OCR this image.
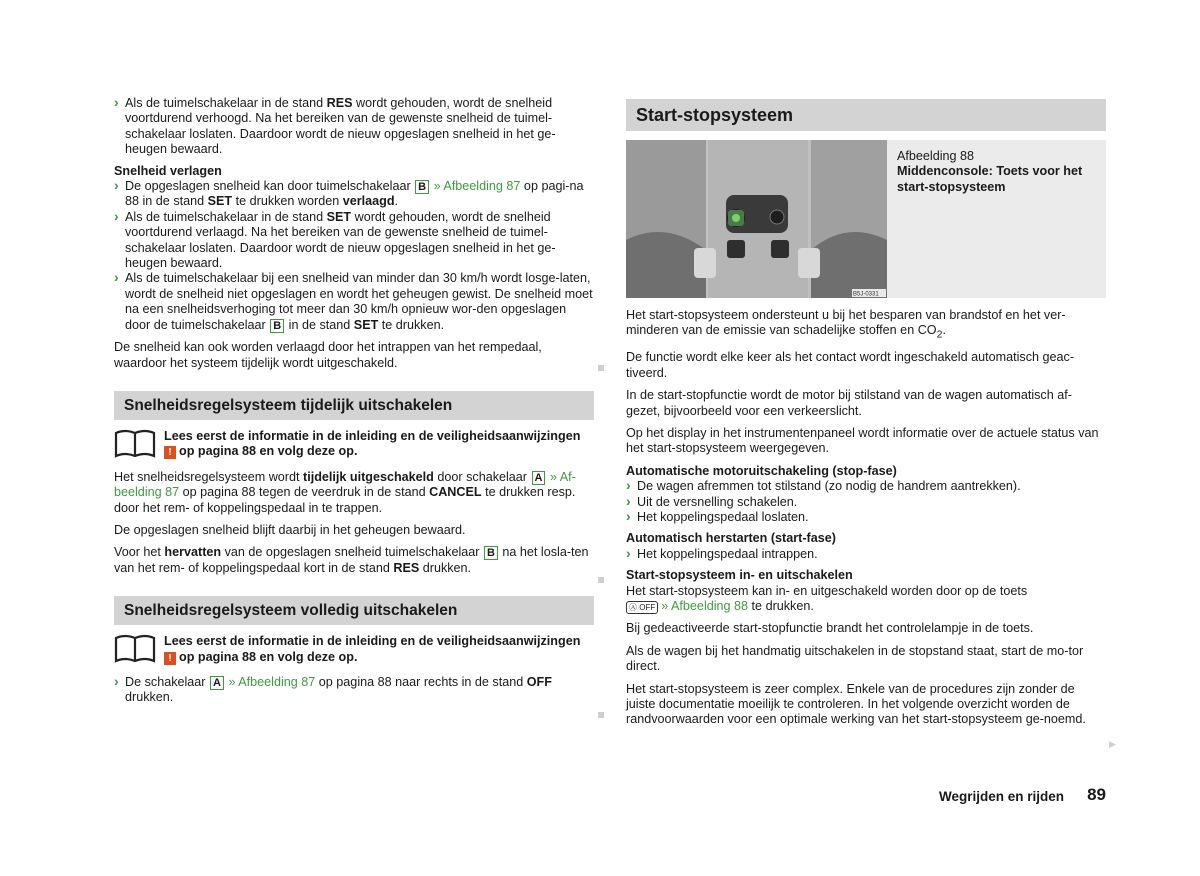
› Als de tuimelschakelaar in de stand RES wordt gehouden, wordt de snelheid voortdurend verhoogd. Na het bereiken van de gewenste snelheid de tuimel-schakelaar loslaten. Daardoor wordt de nieuw opgeslagen snelheid in het ge-heugen bewaard.
Snelheid verlagen
› De opgeslagen snelheid kan door tuimelschakelaar B » Afbeelding 87 op pagi-na 88 in de stand SET te drukken worden verlaagd.
› Als de tuimelschakelaar in de stand SET wordt gehouden, wordt de snelheid voortdurend verlaagd. Na het bereiken van de gewenste snelheid de tuimel-schakelaar loslaten. Daardoor wordt de nieuw opgeslagen snelheid in het ge-heugen bewaard.
› Als de tuimelschakelaar bij een snelheid van minder dan 30 km/h wordt losge-laten, wordt de snelheid niet opgeslagen en wordt het geheugen gewist. De snelheid moet na een snelheidsverhoging tot meer dan 30 km/h opnieuw wor-den opgeslagen door de tuimelschakelaar B in de stand SET te drukken.

De snelheid kan ook worden verlaagd door het intrappen van het rempedaal, waardoor het systeem tijdelijk wordt uitgeschakeld.

Snelheidsregelsysteem tijdelijk uitschakelen
Lees eerst de informatie in de inleiding en de veiligheidsaanwijzingen
! op pagina 88 en volg deze op.

Het snelheidsregelsysteem wordt tijdelijk uitgeschakeld door schakelaar A » Af-beelding 87 op pagina 88 tegen de veerdruk in de stand CANCEL te drukken resp. door het rem- of koppelingspedaal in te trappen.

De opgeslagen snelheid blijft daarbij in het geheugen bewaard.

Voor het hervatten van de opgeslagen snelheid tuimelschakelaar B na het losla-ten van het rem- of koppelingspedaal kort in de stand RES drukken.

Snelheidsregelsysteem volledig uitschakelen
Lees eerst de informatie in de inleiding en de veiligheidsaanwijzingen
! op pagina 88 en volg deze op.
› De schakelaar A » Afbeelding 87 op pagina 88 naar rechts in de stand OFF drukken.
Start-stopsysteem
B5J-0331
Afbeelding 88
Middenconsole: Toets voor het start-stopsysteem

Het start-stopsysteem ondersteunt u bij het besparen van brandstof en het ver-minderen van de emissie van schadelijke stoffen en $CO_2$.

De functie wordt elke keer als het contact wordt ingeschakeld automatisch geac-tiveerd.

In de start-stopfunctie wordt de motor bij stilstand van de wagen automatisch af-gezet, bijvoorbeeld voor een verkeerslicht.

Op het display in het instrumentenpaneel wordt informatie over de actuele status van het start-stopsysteem weergegeven.

Automatische motoruitschakeling (stop-fase)
› De wagen afremmen tot stilstand (zo nodig de handrem aantrekken).
› Uit de versnelling schakelen.
› Het koppelingspedaal loslaten.
Automatisch herstarten (start-fase)
› Het koppelingspedaal intrappen.
Start-stopsysteem in- en uitschakelen

Het start-stopsysteem kan in- en uitgeschakeld worden door op de toets
Ⓐ OFF » Afbeelding 88 te drukken.

Bij gedeactiveerde start-stopfunctie brandt het controlelampje in de toets.

Als de wagen bij het handmatig uitschakelen in de stopstand staat, start de mo-tor direct.

Het start-stopsysteem is zeer complex. Enkele van de procedures zijn zonder de juiste documentatie moeilijk te controleren. In het volgende overzicht worden de randvoorwaarden voor een optimale werking van het start-stopsysteem ge-noemd.

▶
Wegrijden en rijden 89
